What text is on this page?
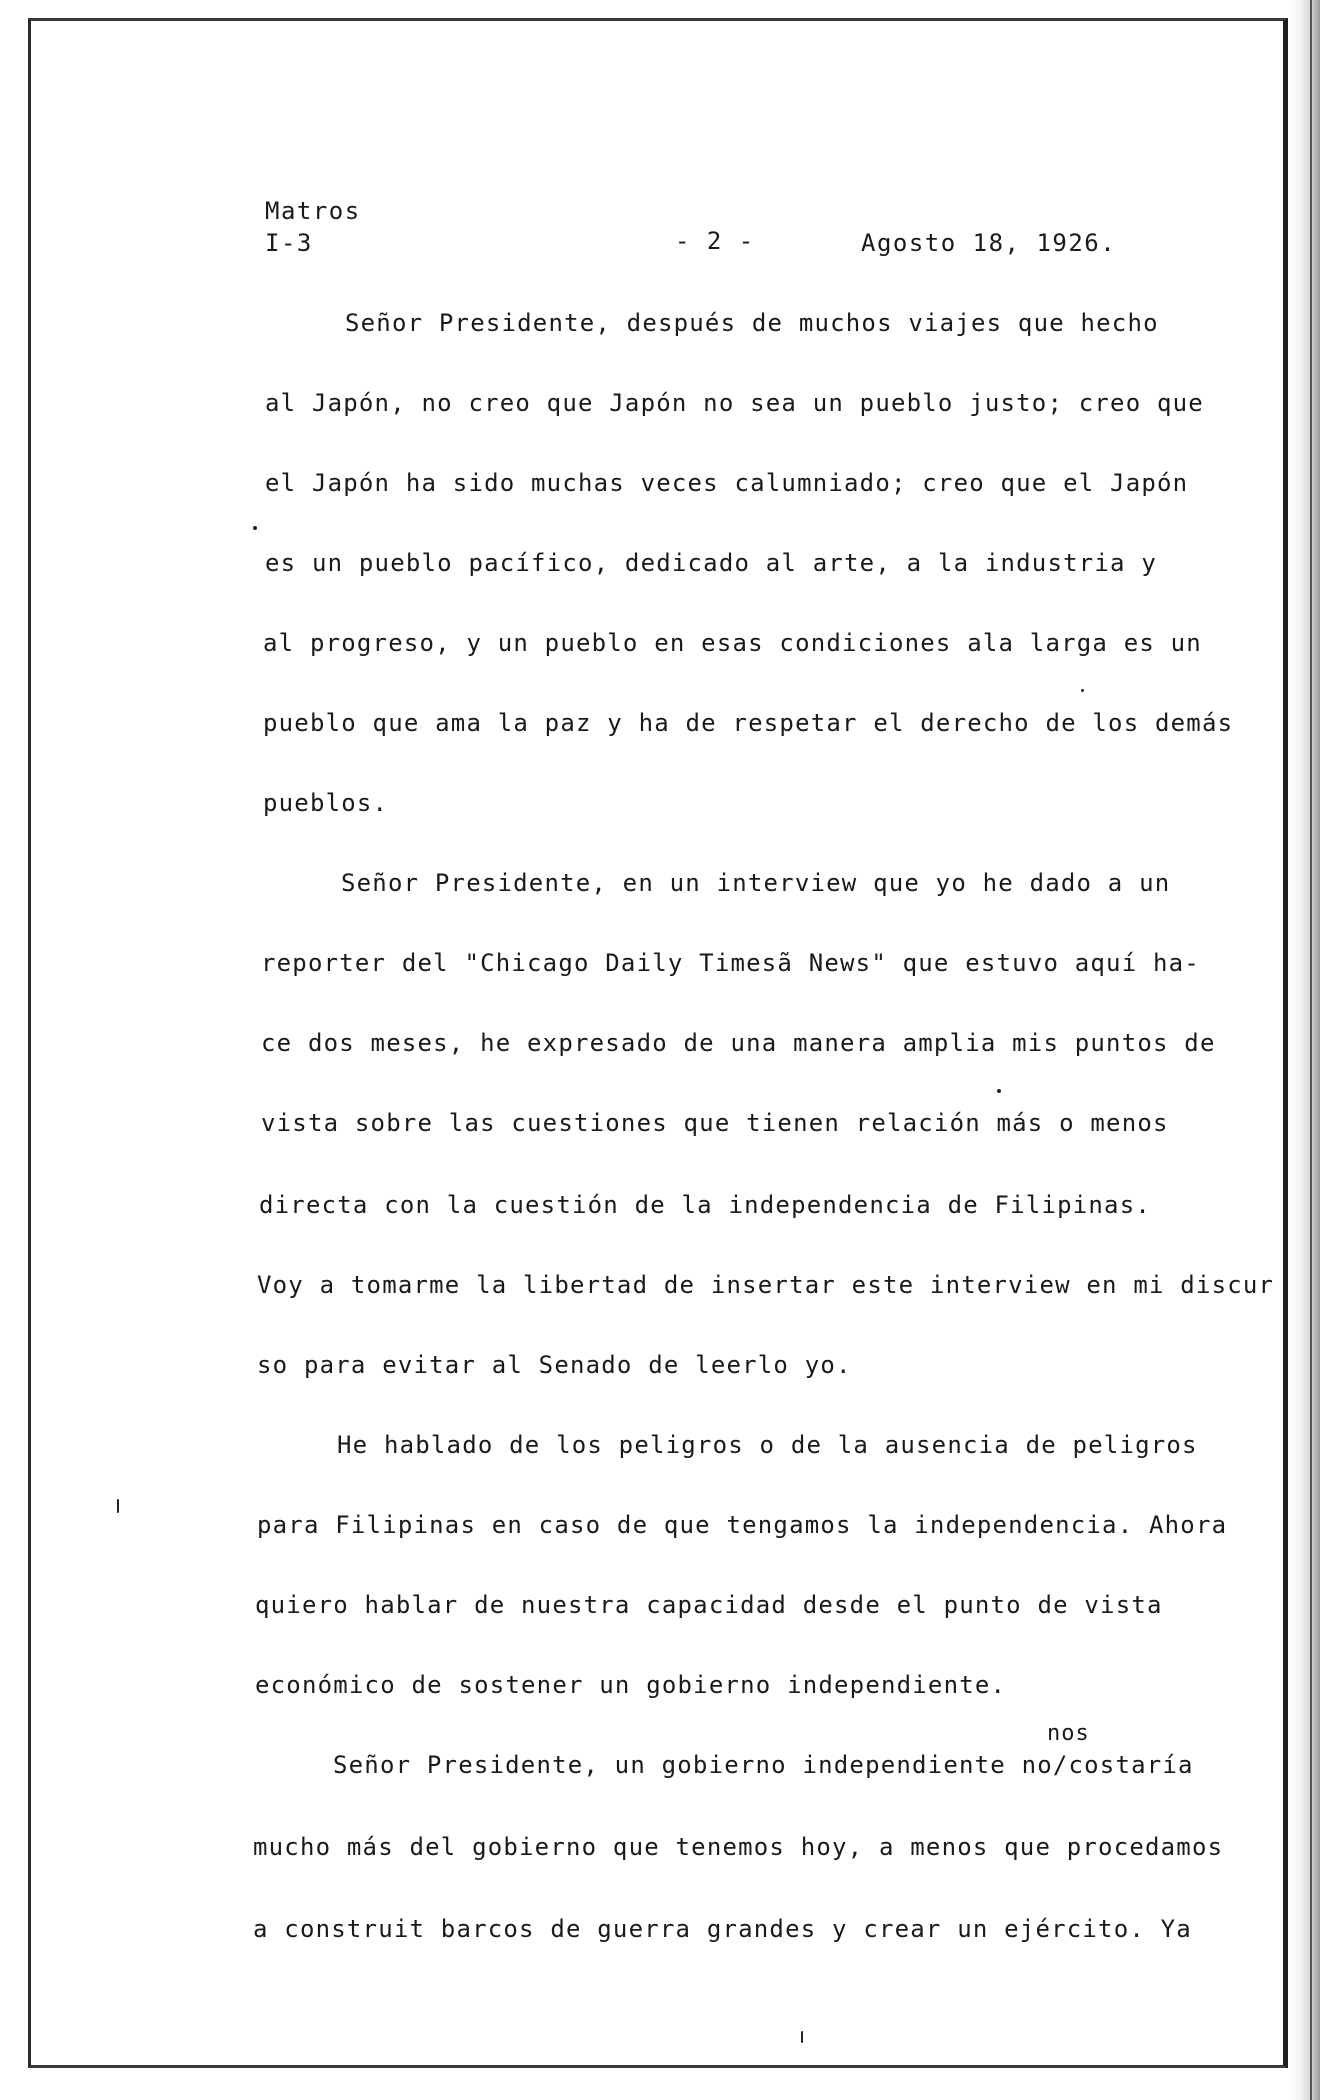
Matros
I-3	- 2 -	Agosto 18, 1926.
Señor Presidente, después de muchos viajes que hecho
al Japón, no creo que Japón no sea un pueblo justo; creo que
el Japón ha sido muchas veces calumniado; creo que el Japón
es un pueblo pacífico, dedicado al arte, a la industria y
al progreso, y un pueblo en esas condiciones ala larga es un
pueblo que ama la paz y ha de respetar el derecho de los demás
pueblos.
Señor Presidente, en un interview que yo he dado a un
reporter del "Chicago Daily Timesã News" que estuvo aquí ha-
ce dos meses, he expresado de una manera amplia mis puntos de
vista sobre las cuestiones que tienen relación más o menos
directa con la cuestión de la independencia de Filipinas.
Voy a tomarme la libertad de insertar este interview en mi discur
so para evitar al Senado de leerlo yo.
He hablado de los peligros o de la ausencia de peligros
para Filipinas en caso de que tengamos la independencia. Ahora
quiero hablar de nuestra capacidad desde el punto de vista
económico de sostener un gobierno independiente.
nos
Señor Presidente, un gobierno independiente no/costaría
mucho más del gobierno que tenemos hoy, a menos que procedamos
a construit barcos de guerra grandes y crear un ejército. Ya
